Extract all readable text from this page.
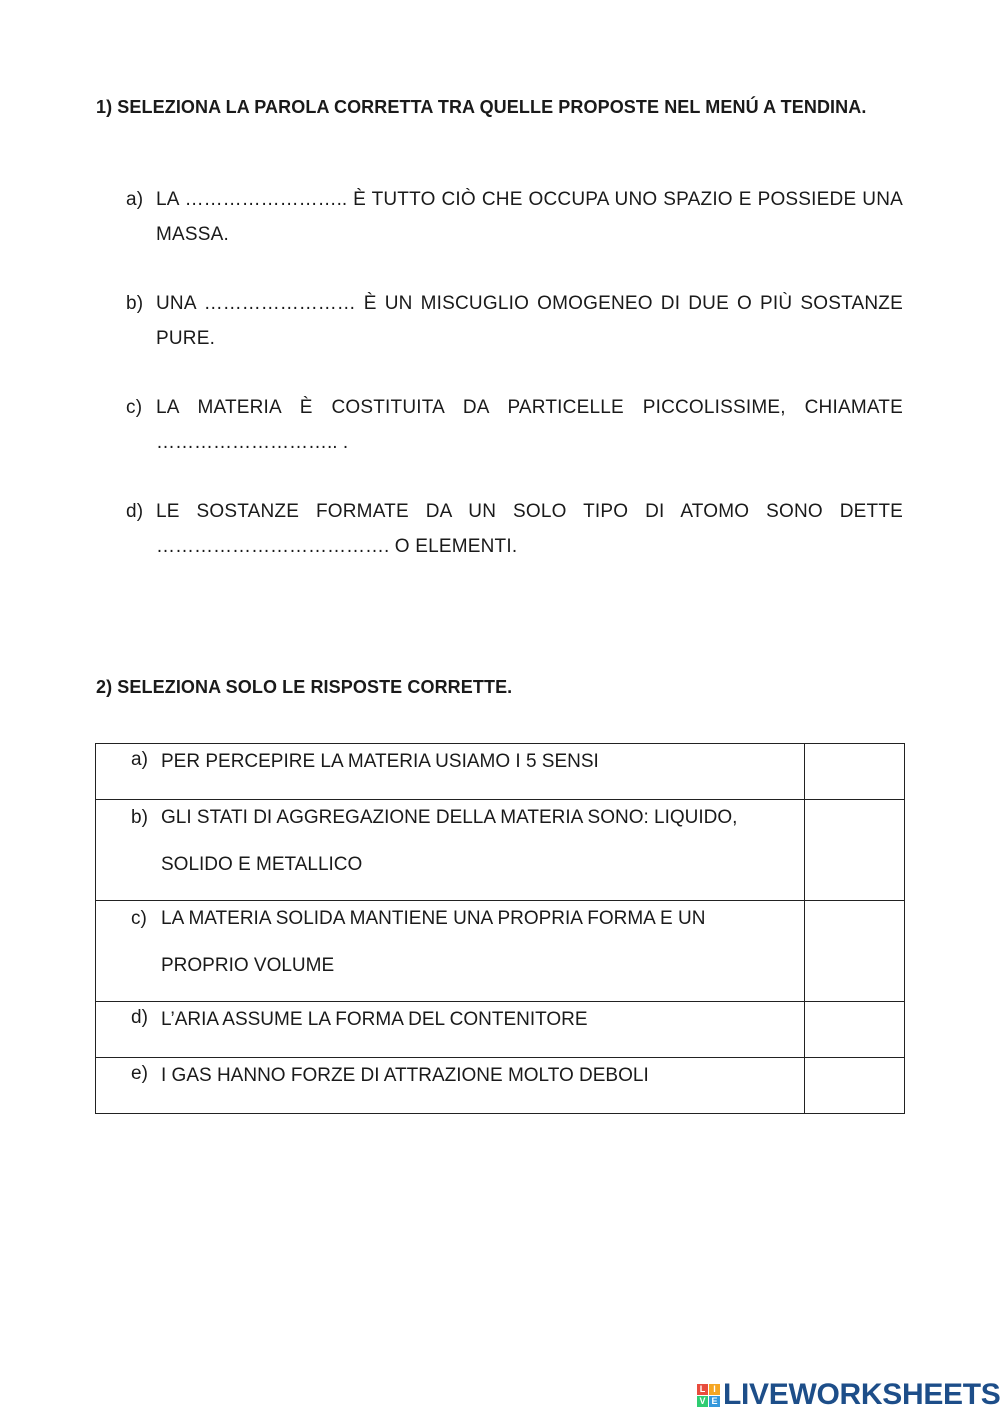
1) SELEZIONA LA PAROLA CORRETTA TRA QUELLE PROPOSTE NEL MENÚ A TENDINA.
a) LA …………………….. È TUTTO CIÒ CHE OCCUPA UNO SPAZIO E POSSIEDE UNA MASSA.
b) UNA …………………… È UN MISCUGLIO OMOGENEO DI DUE O PIÙ SOSTANZE PURE.
c) LA MATERIA È COSTITUITA DA PARTICELLE PICCOLISSIME, CHIAMATE ……………………….. .
d) LE SOSTANZE FORMATE DA UN SOLO TIPO DI ATOMO SONO DETTE ………………………………. O ELEMENTI.
2) SELEZIONA SOLO LE RISPOSTE CORRETTE.
a) PER PERCEPIRE LA MATERIA USIAMO I 5 SENSI	

b) GLI STATI DI AGGREGAZIONE DELLA MATERIA SONO: LIQUIDO, SOLIDO E METALLICO	

c) LA MATERIA SOLIDA MANTIENE UNA PROPRIA FORMA E UN PROPRIO VOLUME	

d) L’ARIA ASSUME LA FORMA DEL CONTENITORE	

e) I GAS HANNO FORZE DI ATTRAZIONE MOLTO DEBOLI	

L I
V E LIVEWORKSHEETS
